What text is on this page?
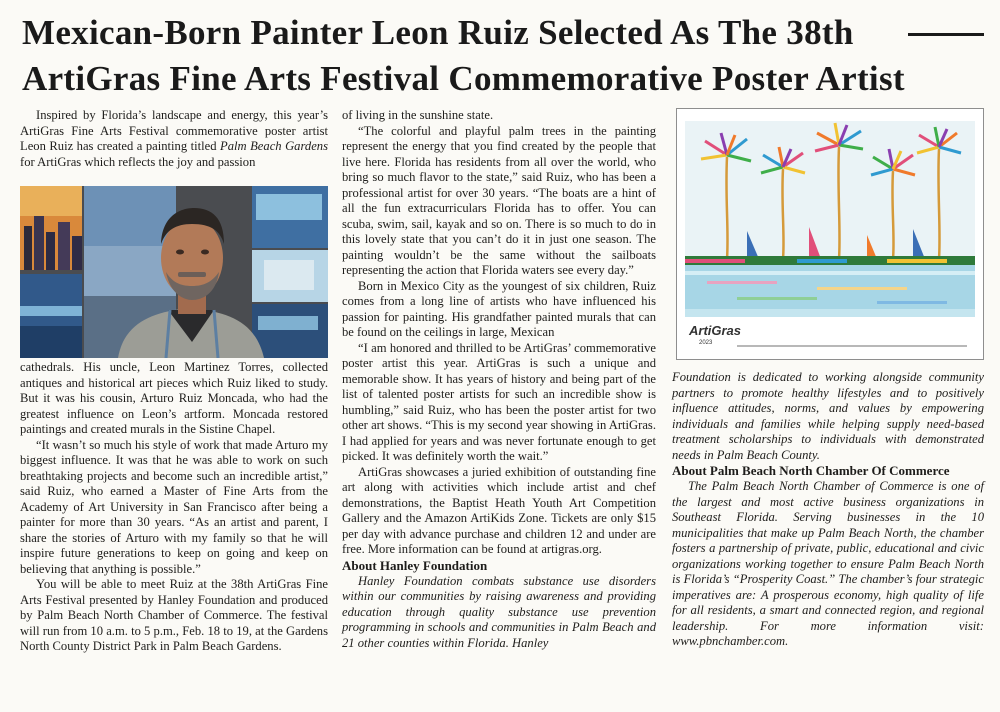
Mexican-Born Painter Leon Ruiz Selected As The 38th
ArtiGras Fine Arts Festival Commemorative Poster Artist

Inspired by Florida’s landscape and energy, this year’s ArtiGras Fine Arts Festival commemorative poster artist Leon Ruiz has created a painting titled Palm Beach Gardens for ArtiGras which reflects the joy and passion

cathedrals. His uncle, Leon Martinez Torres, collected antiques and historical art pieces which Ruiz liked to study. But it was his cousin, Arturo Ruiz Moncada, who had the greatest influence on Leon’s artform. Moncada restored paintings and created murals in the Sistine Chapel.

“It wasn’t so much his style of work that made Arturo my biggest influence. It was that he was able to work on such breathtaking projects and become such an incredible artist,” said Ruiz, who earned a Master of Fine Arts from the Academy of Art University in San Francisco after being a painter for more than 30 years. “As an artist and parent, I share the stories of Arturo with my family so that he will inspire future generations to keep on going and keep on believing that anything is possible.”

You will be able to meet Ruiz at the 38th ArtiGras Fine Arts Festival presented by Hanley Foundation and produced by Palm Beach North Chamber of Commerce. The festival will run from 10 a.m. to 5 p.m., Feb. 18 to 19, at the Gardens North County District Park in Palm Beach Gardens.

of living in the sunshine state.

“The colorful and playful palm trees in the painting represent the energy that you find created by the people that live here. Florida has residents from all over the world, who bring so much flavor to the state,” said Ruiz, who has been a professional artist for over 30 years. “The boats are a hint of all the fun extracurriculars Florida has to offer. You can scuba, swim, sail, kayak and so on. There is so much to do in this lovely state that you can’t do it in just one season. The painting wouldn’t be the same without the sailboats representing the action that Florida waters see every day.”

Born in Mexico City as the youngest of six children, Ruiz comes from a long line of artists who have influenced his passion for painting. His grandfather painted murals that can be found on the ceilings in large, Mexican

“I am honored and thrilled to be ArtiGras’ commemorative poster artist this year. ArtiGras is such a unique and memorable show. It has years of history and being part of the list of talented poster artists for such an incredible show is humbling,” said Ruiz, who has been the poster artist for two other art shows. “This is my second year showing in ArtiGras. I had applied for years and was never fortunate enough to get picked. It was definitely worth the wait.”

ArtiGras showcases a juried exhibition of outstanding fine art along with activities which include artist and chef demonstrations, the Baptist Heath Youth Art Competition Gallery and the Amazon ArtiKids Zone. Tickets are only $15 per day with advance purchase and children 12 and under are free. More information can be found at artigras.org.

About Hanley Foundation

Hanley Foundation combats substance use disorders within our communities by raising awareness and providing education through quality substance use prevention programming in schools and communities in Palm Beach and 21 other counties within Florida. Hanley

ArtiGras
2023

Foundation is dedicated to working alongside community partners to promote healthy lifestyles and to positively influence attitudes, norms, and values by empowering individuals and families while helping supply need-based treatment scholarships to individuals with demonstrated needs in Palm Beach County.

About Palm Beach North Chamber Of Commerce

The Palm Beach North Chamber of Commerce is one of the largest and most active business organizations in Southeast Florida. Serving businesses in the 10 municipalities that make up Palm Beach North, the chamber fosters a partnership of private, public, educational and civic organizations working together to ensure Palm Beach North is Florida’s “Prosperity Coast.” The chamber’s four strategic imperatives are: A prosperous economy, high quality of life for all residents, a smart and connected region, and regional leadership. For more information visit: www.pbnchamber.com.
